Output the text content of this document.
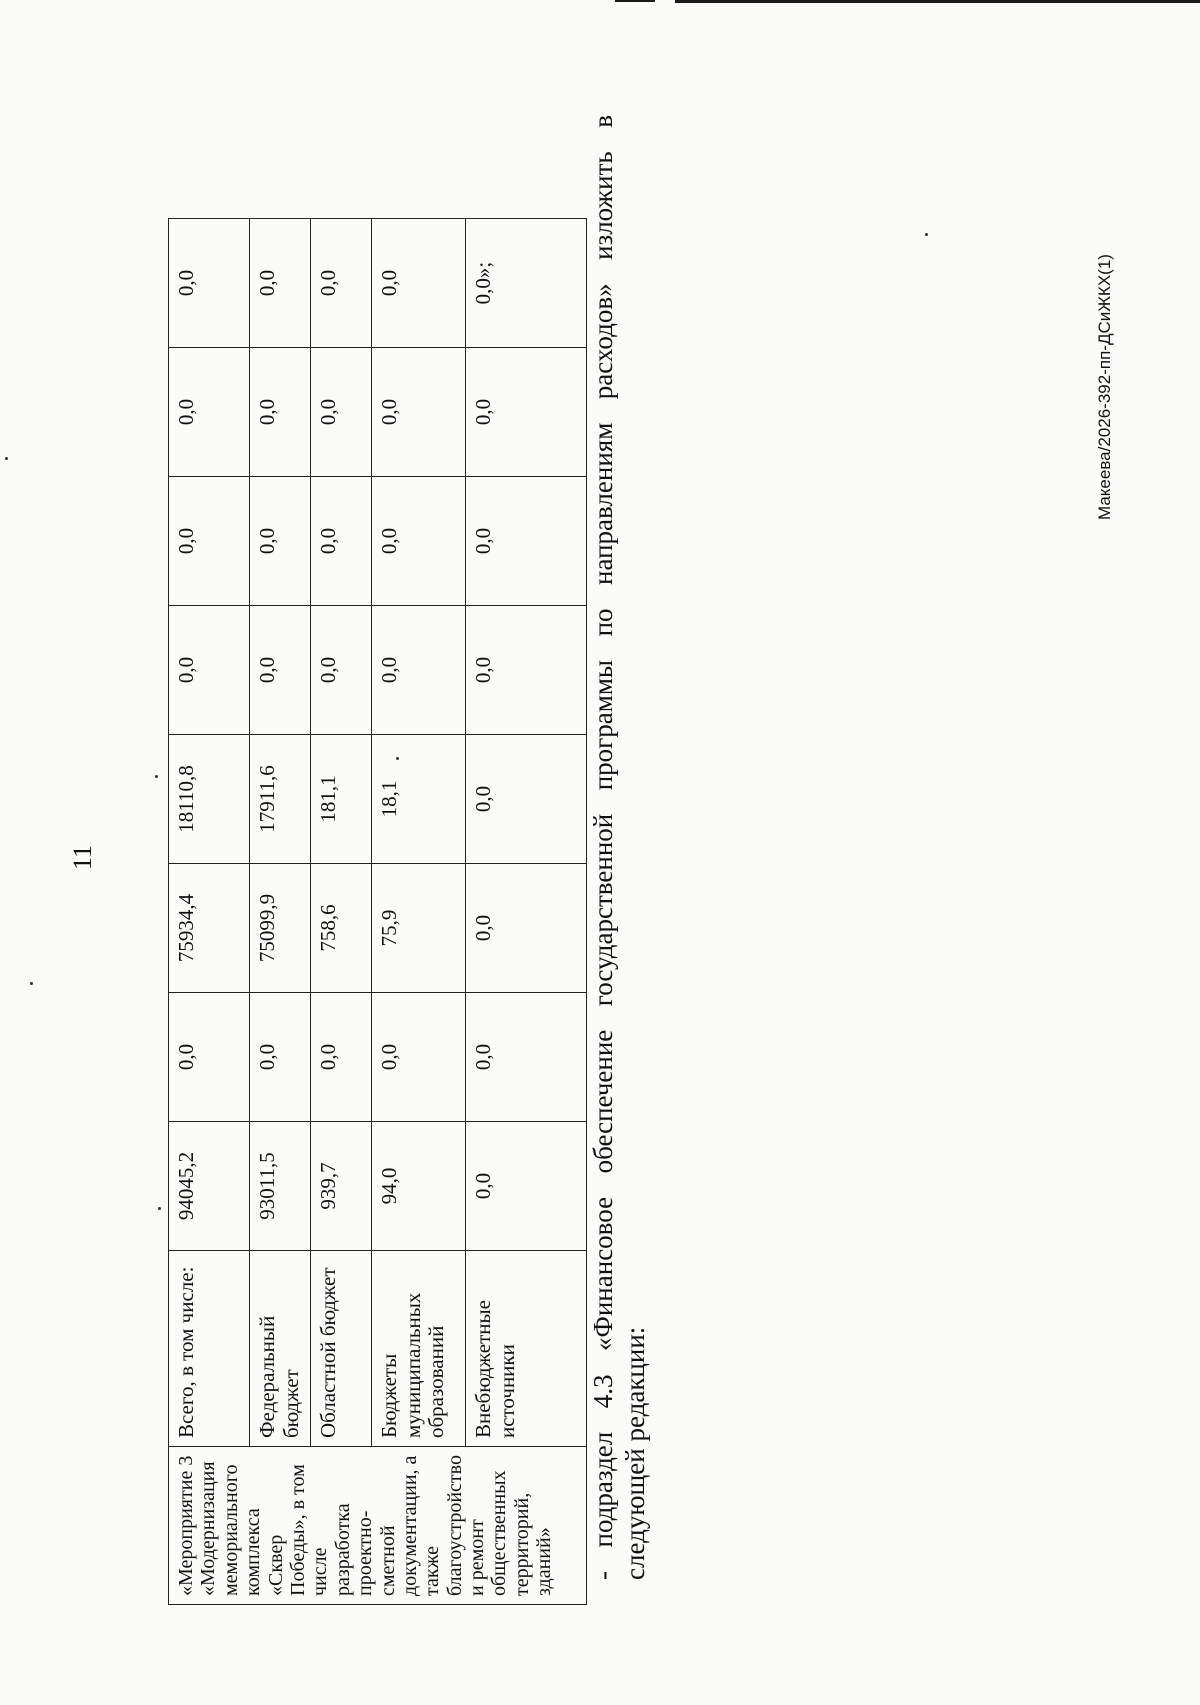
11
«Мероприятие 3 «Модернизация мемориального комплекса «Сквер Победы», в том числе разработка проектно-сметной документации, а также благоустройство и ремонт общественных территорий, зданий»	Всего, в том числе:	94045,2	0,0	75934,4	18110,8	0,0	0,0	0,0	0,0
	Федеральный бюджет	93011,5	0,0	75099,9	17911,6	0,0	0,0	0,0	0,0
	Областной бюджет	939,7	0,0	758,6	181,1	0,0	0,0	0,0	0,0
	Бюджеты муниципальных образований	94,0	0,0	75,9	18,1	0,0	0,0	0,0	0,0
	Внебюджетные источники	0,0	0,0	0,0	0,0	0,0	0,0	0,0	0,0»;	- подраздел 4.3 «Финансовое обеспечение государственной программы по направлениям расходов» изложить в следующей редакции:
Макеева/2026-392-пп-ДСиЖКХ(1)
